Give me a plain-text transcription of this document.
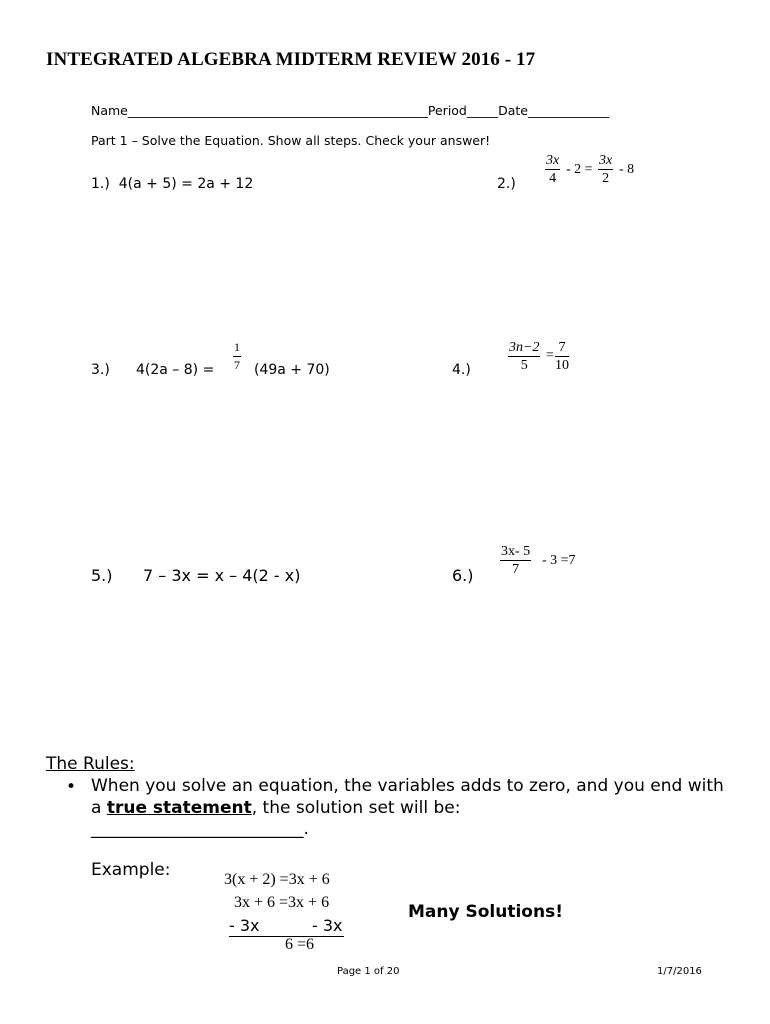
INTEGRATED ALGEBRA MIDTERM REVIEW 2016 - 17
Name________________________________________________Period_____Date_____________
Part 1 – Solve the Equation. Show all steps. Check your answer!
1.) 4(a + 5) = 2a + 12	$2.) \frac{3x}{4} - 2 = \frac{3x}{2} - 8$
3.) $4(2a - 8) = \frac{1}{7} (49a + 70)$	4.)	$\frac{3n-2}{5} = \frac{7}{10}$
5.) 7 – 3x = x – 4(2 - x)	$6.) \frac{3x- 5}{7} - 3 =7$
The Rules:
• When you solve an equation, the variables adds to zero, and you end with a true statement, the solution set will be:
_________________________.
Example:	3(x + 2) =3x + 6
3x + 6 =3x + 6
- 3x	- 3x
6 =6
Many Solutions!
Page 1 of 20	1/7/2016
